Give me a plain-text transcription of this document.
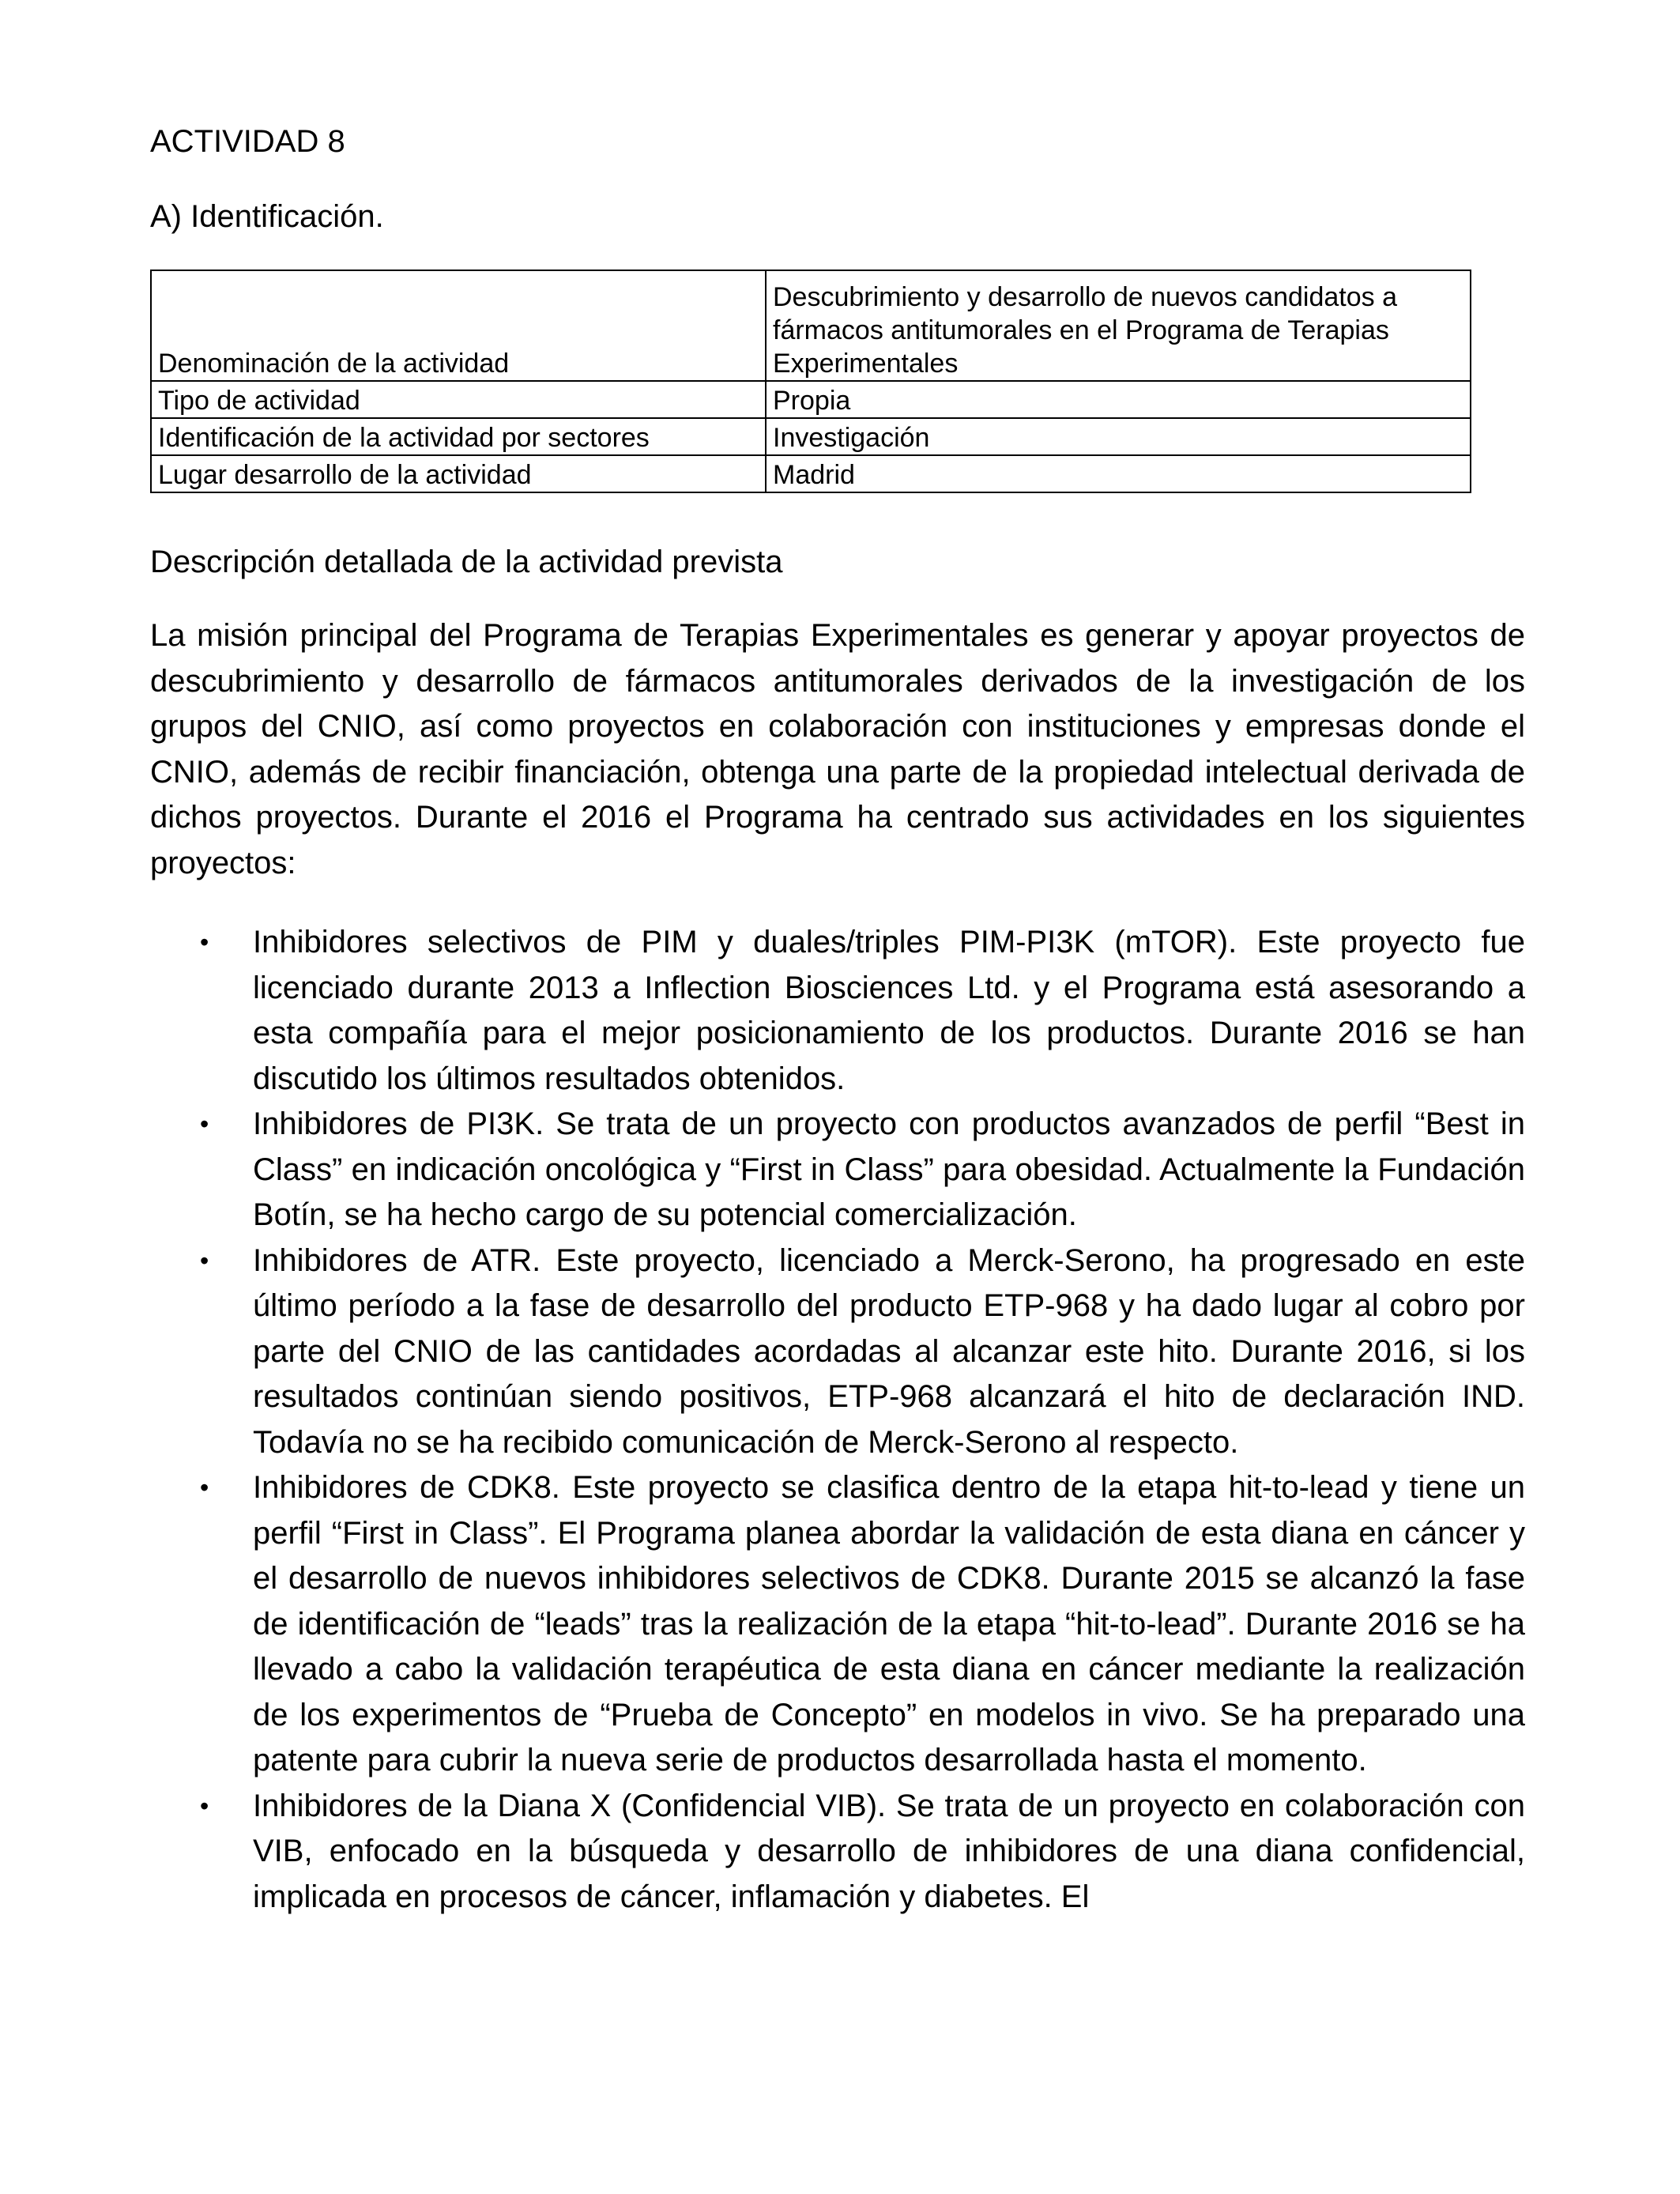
ACTIVIDAD 8
A) Identificación.
Denominación de la actividad	Descubrimiento y desarrollo de nuevos candidatos a fármacos antitumorales en el Programa de Terapias Experimentales
Tipo de actividad	Propia
Identificación de la actividad por sectores	Investigación
Lugar desarrollo de la actividad	Madrid
Descripción detallada de la actividad prevista
La misión principal del Programa de Terapias Experimentales es generar y apoyar proyectos de descubrimiento y desarrollo de fármacos antitumorales derivados de la investigación de los grupos del CNIO, así como proyectos en colaboración con instituciones y empresas donde el CNIO, además de recibir financiación, obtenga una parte de la propiedad intelectual derivada de dichos proyectos. Durante el 2016 el Programa ha centrado sus actividades en los siguientes proyectos:
• Inhibidores selectivos de PIM y duales/triples PIM-PI3K (mTOR). Este proyecto fue licenciado durante 2013 a Inflection Biosciences Ltd. y el Programa está asesorando a esta compañía para el mejor posicionamiento de los productos. Durante 2016 se han discutido los últimos resultados obtenidos.
• Inhibidores de PI3K. Se trata de un proyecto con productos avanzados de perfil “Best in Class” en indicación oncológica y “First in Class” para obesidad. Actualmente la Fundación Botín, se ha hecho cargo de su potencial comercialización.
• Inhibidores de ATR. Este proyecto, licenciado a Merck-Serono, ha progresado en este último período a la fase de desarrollo del producto ETP-968 y ha dado lugar al cobro por parte del CNIO de las cantidades acordadas al alcanzar este hito. Durante 2016, si los resultados continúan siendo positivos, ETP-968 alcanzará el hito de declaración IND. Todavía no se ha recibido comunicación de Merck-Serono al respecto.
• Inhibidores de CDK8. Este proyecto se clasifica dentro de la etapa hit-to-lead y tiene un perfil “First in Class”. El Programa planea abordar la validación de esta diana en cáncer y el desarrollo de nuevos inhibidores selectivos de CDK8. Durante 2015 se alcanzó la fase de identificación de “leads” tras la realización de la etapa “hit-to-lead”. Durante 2016 se ha llevado a cabo la validación terapéutica de esta diana en cáncer mediante la realización de los experimentos de “Prueba de Concepto” en modelos in vivo. Se ha preparado una patente para cubrir la nueva serie de productos desarrollada hasta el momento.
• Inhibidores de la Diana X (Confidencial VIB). Se trata de un proyecto en colaboración con VIB, enfocado en la búsqueda y desarrollo de inhibidores de una diana confidencial, implicada en procesos de cáncer, inflamación y diabetes. El
